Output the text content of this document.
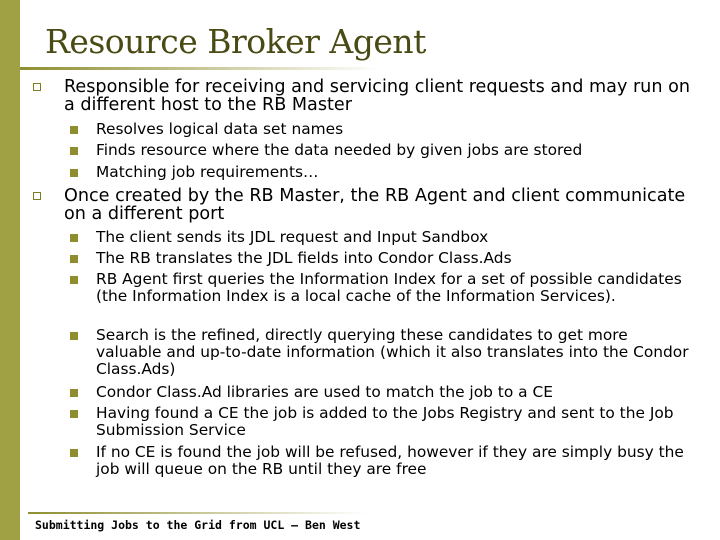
Resource Broker Agent
Responsible for receiving and servicing client requests and may run on a different host to the RB Master
Resolves logical data set names
Finds resource where the data needed by given jobs are stored
Matching job requirements…
Once created by the RB Master, the RB Agent and client communicate on a different port
The client sends its JDL request and Input Sandbox
The RB translates the JDL fields into Condor Class.Ads
RB Agent first queries the Information Index for a set of possible candidates (the Information Index is a local cache of the Information Services).
Search is the refined, directly querying these candidates to get more valuable and up-to-date information (which it also translates into the Condor Class.Ads)
Condor Class.Ad libraries are used to match the job to a CE
Having found a CE the job is added to the Jobs Registry and sent to the Job Submission Service
If no CE is found the job will be refused, however if they are simply busy the job will queue on the RB until they are free
Submitting Jobs to the Grid from UCL – Ben West
